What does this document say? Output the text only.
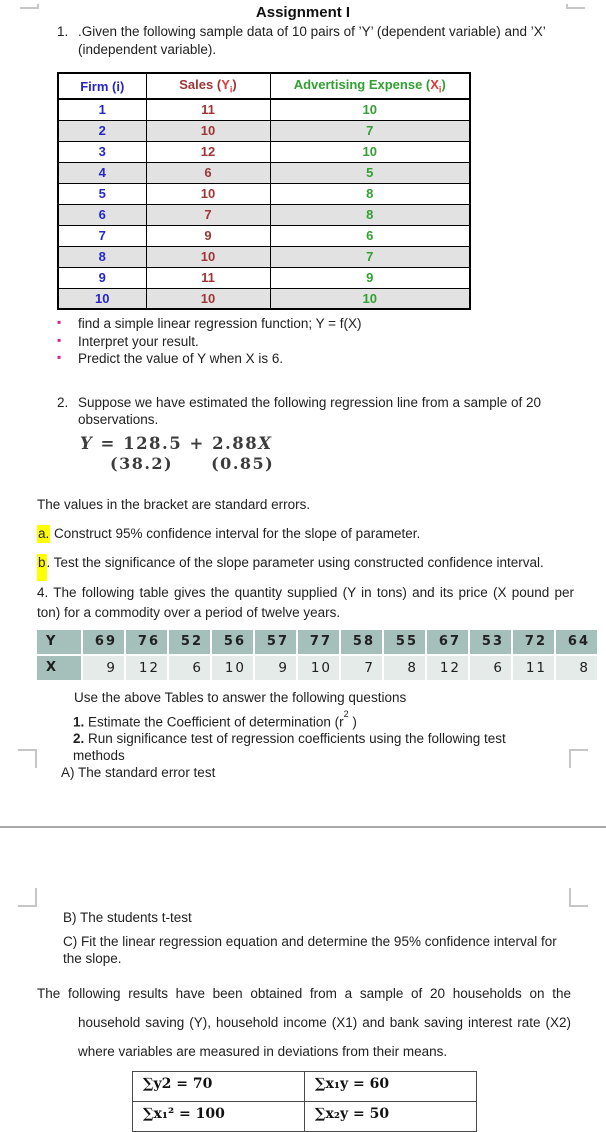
Assignment I
1. .Given the following sample data of 10 pairs of ’Y’ (dependent variable) and ’X’ (independent variable).
Firm (i)	Sales $(Y_i)$	Advertising Expense $(X_i)$
1	11	10
2	10	7
3	12	10
4	6	5
5	10	8
6	7	8
7	9	6
8	10	7
9	11	9
10	10	10
▪ find a simple linear regression function; Y = f(X)
▪ Interpret your result.
▪ Predict the value of Y when X is 6.
2. Suppose we have estimated the following regression line from a sample of 20 observations.
Y = 128.5 + 2.88X
(38.2) (0.85)
The values in the bracket are standard errors.
a. Construct 95% confidence interval for the slope of parameter.
b. Test the significance of the slope parameter using constructed confidence interval.
4. The following table gives the quantity supplied (Y in tons) and its price (X pound per ton) for a commodity over a period of twelve years.
Y	69	76	52	56	57	77	58	55	67	53	72	64
X	9	12	6	10	9	10	7	8	12	6	11	8
Use the above Tables to answer the following questions
1. Estimate the Coefficient of determination ($r^2$ )
2. Run significance test of regression coefficients using the following test methods
A) The standard error test
B) The students t-test
C) Fit the linear regression equation and determine the 95% confidence interval for the slope.
The following results have been obtained from a sample of 20 households on the household saving (Y), household income (X1) and bank saving interest rate (X2) where variables are measured in deviations from their means.
∑y2 = 70	∑x₁y = 60
∑x₁² = 100	∑x₂y = 50
